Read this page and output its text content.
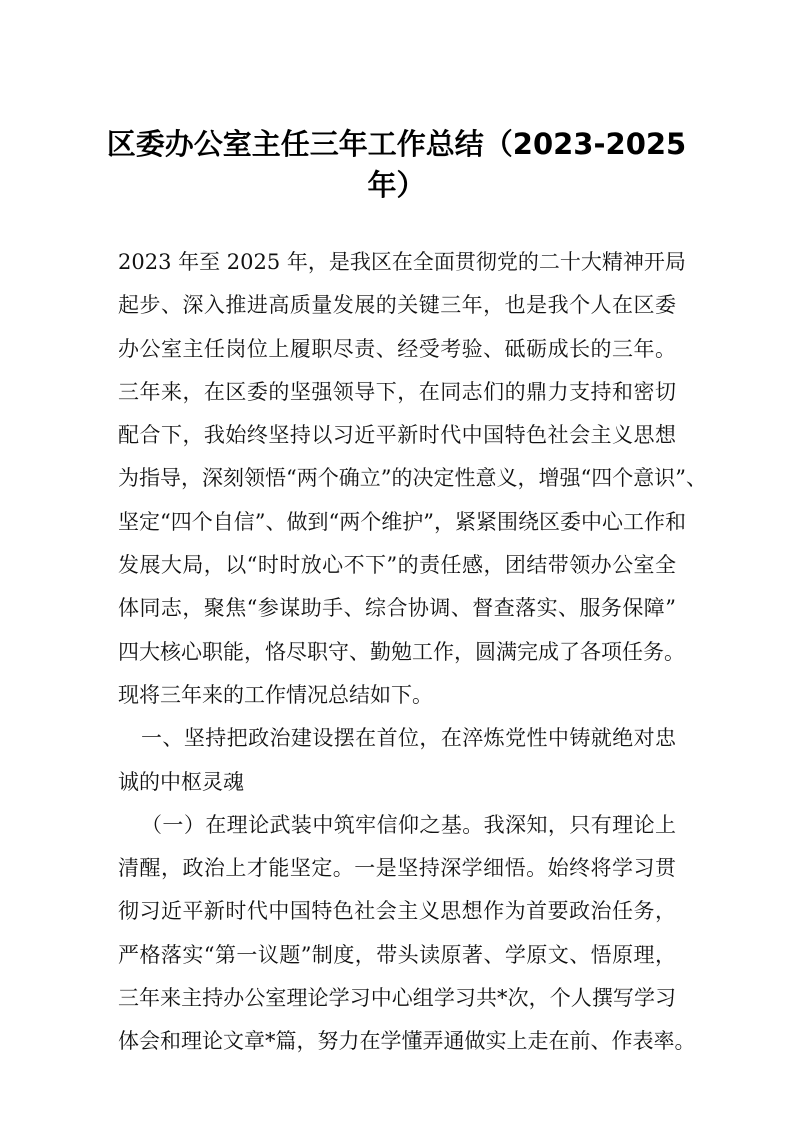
区委办公室主任三年工作总结（2023-2025
年）
2023 年至 2025 年，是我区在全面贯彻党的二十大精神开局
起步、深入推进高质量发展的关键三年，也是我个人在区委
办公室主任岗位上履职尽责、经受考验、砥砺成长的三年。
三年来，在区委的坚强领导下，在同志们的鼎力支持和密切
配合下，我始终坚持以习近平新时代中国特色社会主义思想
为指导，深刻领悟“两个确立”的决定性意义，增强“四个意识”、
坚定“四个自信”、做到“两个维护”，紧紧围绕区委中心工作和
发展大局，以“时时放心不下”的责任感，团结带领办公室全
体同志，聚焦“参谋助手、综合协调、督查落实、服务保障”
四大核心职能，恪尽职守、勤勉工作，圆满完成了各项任务。
现将三年来的工作情况总结如下。
一、坚持把政治建设摆在首位，在淬炼党性中铸就绝对忠
诚的中枢灵魂
（一）在理论武装中筑牢信仰之基。我深知，只有理论上
清醒，政治上才能坚定。一是坚持深学细悟。始终将学习贯
彻习近平新时代中国特色社会主义思想作为首要政治任务，
严格落实“第一议题”制度，带头读原著、学原文、悟原理，
三年来主持办公室理论学习中心组学习共*次，个人撰写学习
体会和理论文章*篇，努力在学懂弄通做实上走在前、作表率。
